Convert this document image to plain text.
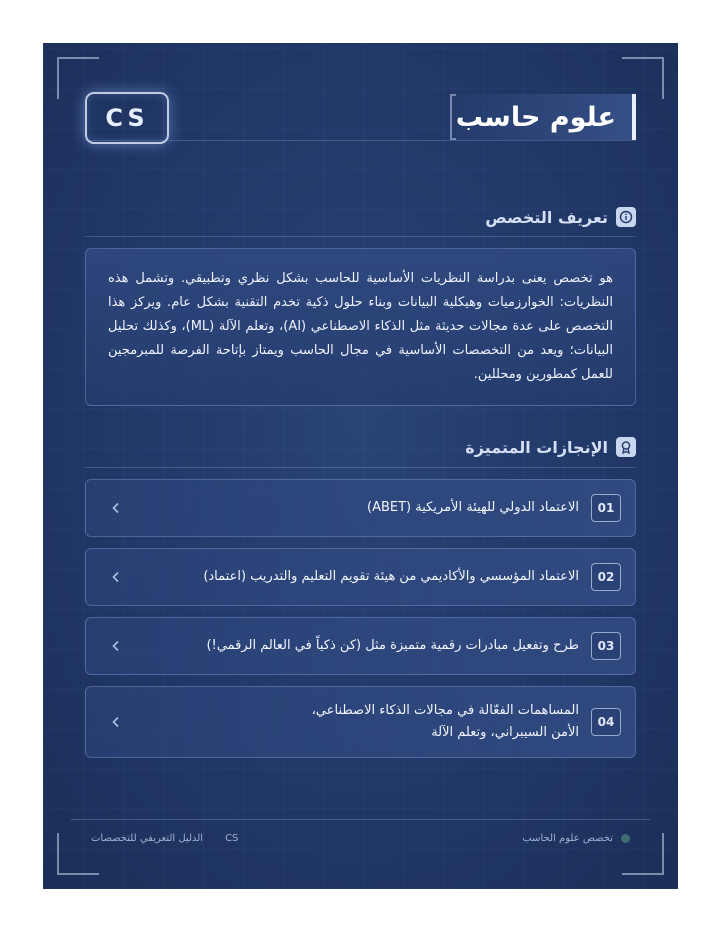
CS	علوم حاسب
تعريف التخصص
هو تخصص يعنى بدراسة النظريات الأساسية للحاسب بشكل نظري وتطبيقي. وتشمل هذه النظريات: الخوارزميات وهيكلية البيانات وبناء حلول ذكية تخدم التقنية بشكل عام. ويركز هذا التخصص على عدة مجالات حديثة مثل الذكاء الاصطناعي (AI)، وتعلم الآلة (ML)، وكذلك تحليل البيانات؛ ويعد من التخصصات الأساسية في مجال الحاسب ويمتاز بإتاحة الفرصة للمبرمجين للعمل كمطورين ومحللين.
الإنجازات المتميزة
01
الاعتماد الدولي للهيئة الأمريكية (ABET)
02
الاعتماد المؤسسي والأكاديمي من هيئة تقويم التعليم والتدريب (اعتماد)
03
طرح وتفعيل مبادرات رقمية متميزة مثل (كن ذكياً في العالم الرقمي!)
04
المساهمات الفعّالة في مجالات الذكاء الاصطناعي، الأمن السيبراني، وتعلم الآلة
الدليل التعريفي للتخصصات CS	تخصص علوم الحاسب
